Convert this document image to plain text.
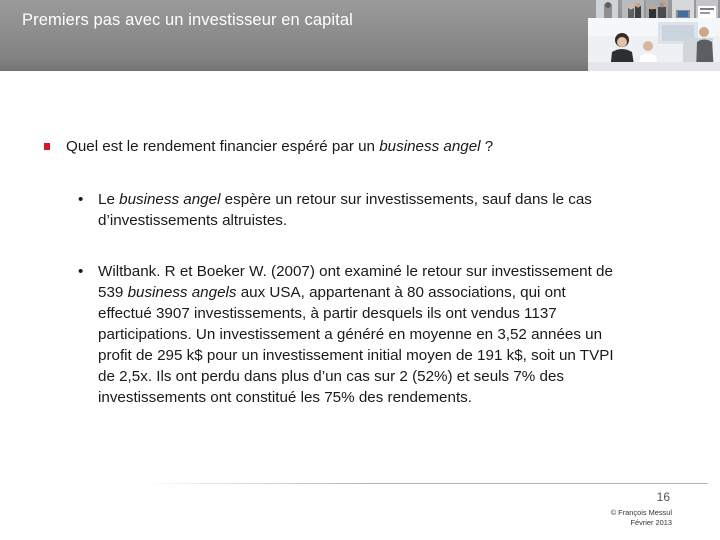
Premiers pas avec un investisseur en capital
Quel est le rendement financier espéré par un business angel ?
• Le business angel espère un retour sur investissements, sauf dans le cas
d’investissements altruistes.
• Wiltbank. R et Boeker W. (2007) ont examiné le retour sur investissement de
539 business angels aux USA, appartenant à 80 associations, qui ont
effectué 3907 investissements, à partir desquels ils ont vendus 1137
participations. Un investissement a généré en moyenne en 3,52 années un
profit de 295 k$ pour un investissement initial moyen de 191 k$, soit un TVPI
de 2,5x. Ils ont perdu dans plus d’un cas sur 2 (52%) et seuls 7% des
investissements ont constitué les 75% des rendements.
16
© François Messul
Février 2013
